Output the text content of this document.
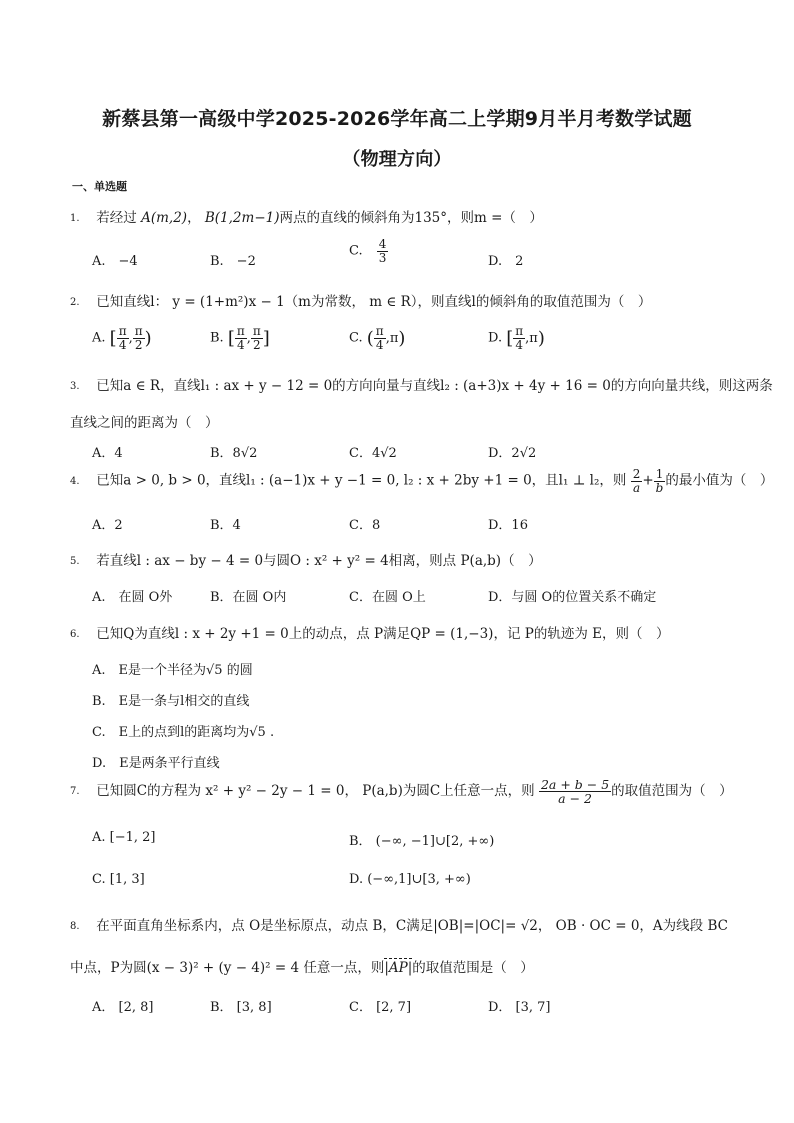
新蔡县第一高级中学2025-2026学年高二上学期9月半月考数学试题
（物理方向）
一、单选题
1. 若经过 A(m,2)， B(1,2m−1)两点的直线的倾斜角为135°，则m =（　）
A.　−4	B.　−2
C. $\frac{4}{3}$	D.　2
2. 已知直线l： y = (1+m²)x − 1（m为常数， m ∈ R），则直线l的倾斜角的取值范围为（　）
A. [ $\frac{\pi}{4}$ , $\frac{\pi}{2}$ )	B. [ $\frac{\pi}{4}$ , $\frac{\pi}{2}$ ]	C. ( $\frac{\pi}{4} ,\pi$)	D. [ $\frac{\pi}{4} ,\pi$)
3. 已知a ∈ R，直线l₁ : ax + y − 12 = 0的方向向量与直线l₂ : (a+3)x + 4y + 16 = 0的方向向量共线，则这两条
直线之间的距离为（　）
A．4	B．8√2	C．4√2	D．2√2
4. 已知a > 0, b > 0，直线l₁ : (a−1)x + y −1 = 0, l₂ : x + 2by +1 = 0，且l₁ ⊥ l₂，则 $\frac{2}{a} + \frac{1}{b}$ 的最小值为（　）
A．2	B．4	C．8	D．16
5. 若直线l : ax − by − 4 = 0与圆O : x² + y² = 4相离，则点 P(a,b)（　）
A.　在圆 O外	B．在圆 O内	C．在圆 O上	D．与圆 O的位置关系不确定
6. 已知Q为直线l : x + 2y +1 = 0上的动点，点 P满足QP = (1,−3)，记 P的轨迹为 E，则（　）
A.　E是一个半径为√5 的圆
B.　E是一条与l相交的直线
C.　E上的点到l的距离均为√5 .
D.　E是两条平行直线
7. 已知圆C的方程为 x² + y² − 2y − 1 = 0， P(a,b)为圆C上任意一点，则 $\frac{2a + b - 5}{a - 2}$ 的取值范围为（　）
A. [−1, 2]	B． (−∞, −1]∪[2, +∞)
C. [1, 3]	D. (−∞,1]∪[3, +∞)
8. 在平面直角坐标系内，点 O是坐标原点，动点 B，C满足|OB|=|OC|= √2， OB · OC = 0，A为线段 BC
中点，P为圆(x − 3)² + (y − 4)² = 4 任意一点，则|AP|的取值范围是（　）
A． [2, 8]	B． [3, 8]	C． [2, 7]	D． [3, 7]
